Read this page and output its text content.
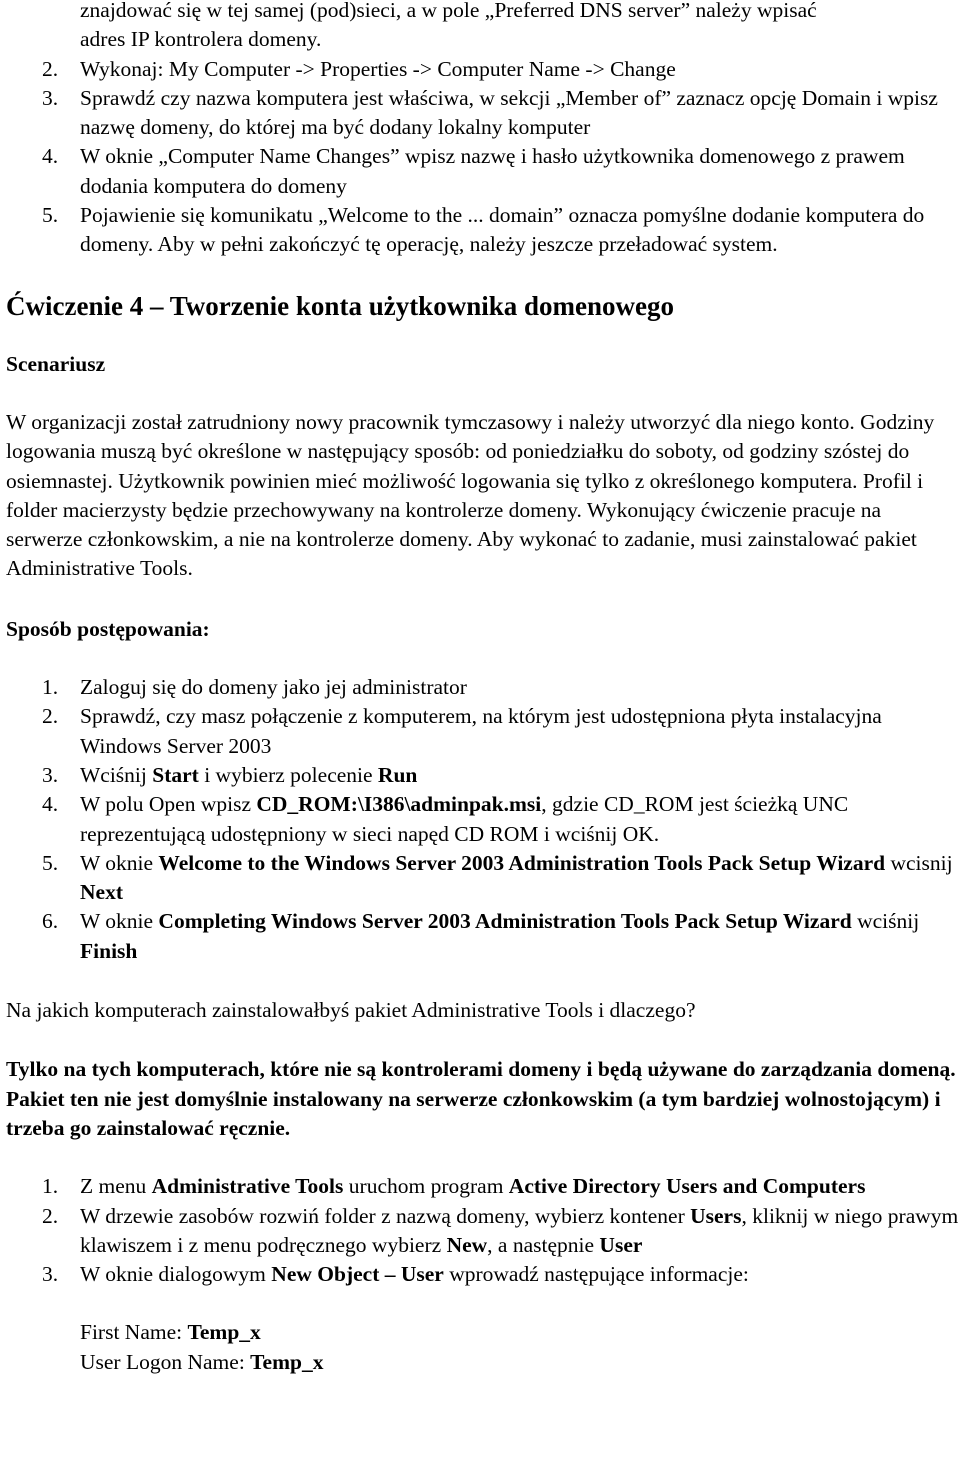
znajdować się w tej samej (pod)sieci, a w pole „Preferred DNS server” należy wpisać

adres IP kontrolera domeny.

2. Wykonaj: My Computer -> Properties -> Computer Name -> Change
3. Sprawdź czy nazwa komputera jest właściwa, w sekcji „Member of” zaznacz opcję Domain i wpisz nazwę domeny, do której ma być dodany lokalny komputer
4. W oknie „Computer Name Changes” wpisz nazwę i hasło użytkownika domenowego z prawem dodania komputera do domeny
5. Pojawienie się komunikatu „Welcome to the ... domain” oznacza pomyślne dodanie komputera do domeny. Aby w pełni zakończyć tę operację, należy jeszcze przeładować system.
Ćwiczenie 4 – Tworzenie konta użytkownika domenowego
Scenariusz

W organizacji został zatrudniony nowy pracownik tymczasowy i należy utworzyć dla niego konto. Godziny logowania muszą być określone w następujący sposób: od poniedziałku do soboty, od godziny szóstej do osiemnastej. Użytkownik powinien mieć możliwość logowania się tylko z określonego komputera. Profil i folder macierzysty będzie przechowywany na kontrolerze domeny. Wykonujący ćwiczenie pracuje na serwerze członkowskim, a nie na kontrolerze domeny. Aby wykonać to zadanie, musi zainstalować pakiet Administrative Tools.

Sposób postępowania:
1. Zaloguj się do domeny jako jej administrator
2. Sprawdź, czy masz połączenie z komputerem, na którym jest udostępniona płyta instalacyjna Windows Server 2003
3. Wciśnij Start i wybierz polecenie Run
4. W polu Open wpisz CD_ROM:\I386\adminpak.msi, gdzie CD_ROM jest ścieżką UNC reprezentującą udostępniony w sieci napęd CD ROM i wciśnij OK.
5. W oknie Welcome to the Windows Server 2003 Administration Tools Pack Setup Wizard wcisnij Next
6. W oknie Completing Windows Server 2003 Administration Tools Pack Setup Wizard wciśnij Finish

Na jakich komputerach zainstalowałbyś pakiet Administrative Tools i dlaczego?

Tylko na tych komputerach, które nie są kontrolerami domeny i będą używane do zarządzania domeną. Pakiet ten nie jest domyślnie instalowany na serwerze członkowskim (a tym bardziej wolnostojącym) i trzeba go zainstalować ręcznie.

1. Z menu Administrative Tools uruchom program Active Directory Users and Computers
2. W drzewie zasobów rozwiń folder z nazwą domeny, wybierz kontener Users, kliknij w niego prawym klawiszem i z menu podręcznego wybierz New, a następnie User
3. W oknie dialogowym New Object – User wprowadź następujące informacje:

First Name: Temp_x

User Logon Name: Temp_x
